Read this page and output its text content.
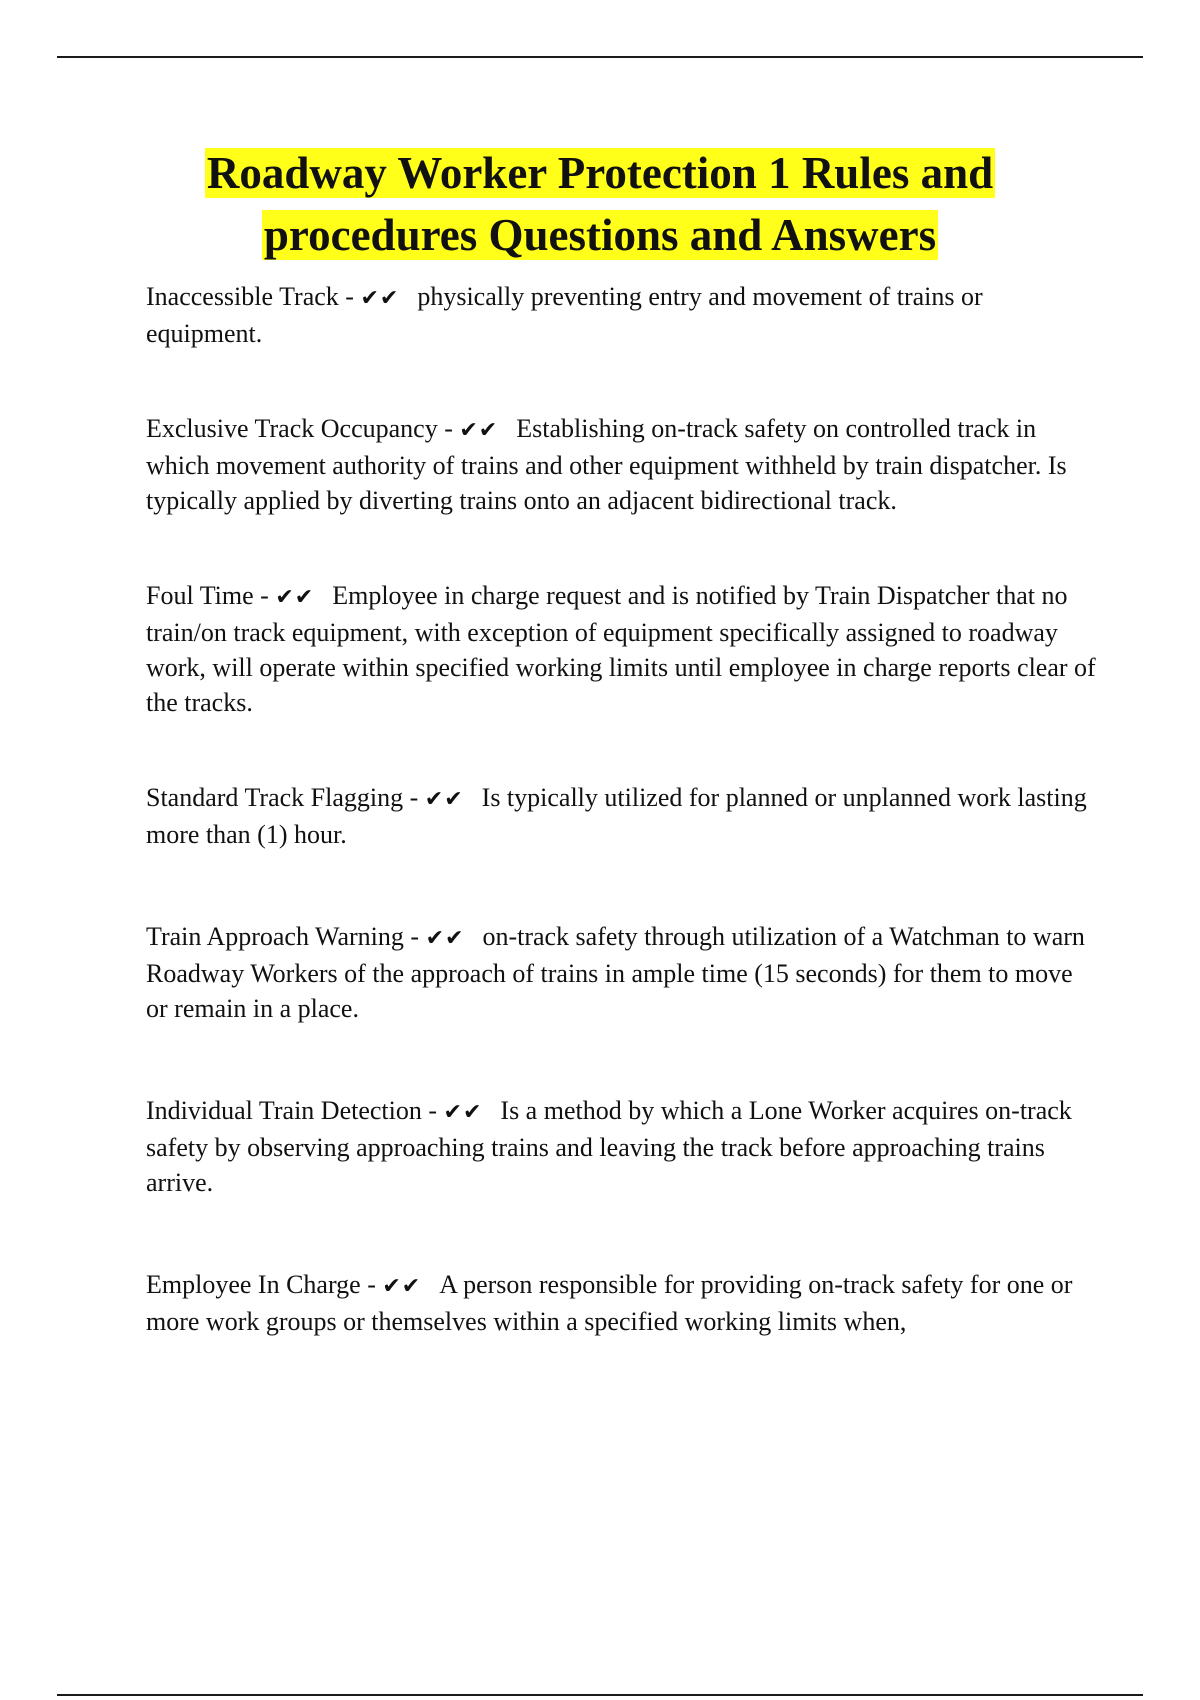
Roadway Worker Protection 1 Rules and
procedures Questions and Answers

Inaccessible Track - ✔✔ physically preventing entry and movement of trains or equipment.

Exclusive Track Occupancy - ✔✔ Establishing on-track safety on controlled track in which movement authority of trains and other equipment withheld by train dispatcher. Is typically applied by diverting trains onto an adjacent bidirectional track.

Foul Time - ✔✔ Employee in charge request and is notified by Train Dispatcher that no train/on track equipment, with exception of equipment specifically assigned to roadway work, will operate within specified working limits until employee in charge reports clear of the tracks.

Standard Track Flagging - ✔✔ Is typically utilized for planned or unplanned work lasting more than (1) hour.

Train Approach Warning - ✔✔ on-track safety through utilization of a Watchman to warn Roadway Workers of the approach of trains in ample time (15 seconds) for them to move or remain in a place.

Individual Train Detection - ✔✔ Is a method by which a Lone Worker acquires on-track safety by observing approaching trains and leaving the track before approaching trains arrive.

Employee In Charge - ✔✔ A person responsible for providing on-track safety for one or more work groups or themselves within a specified working limits when,
